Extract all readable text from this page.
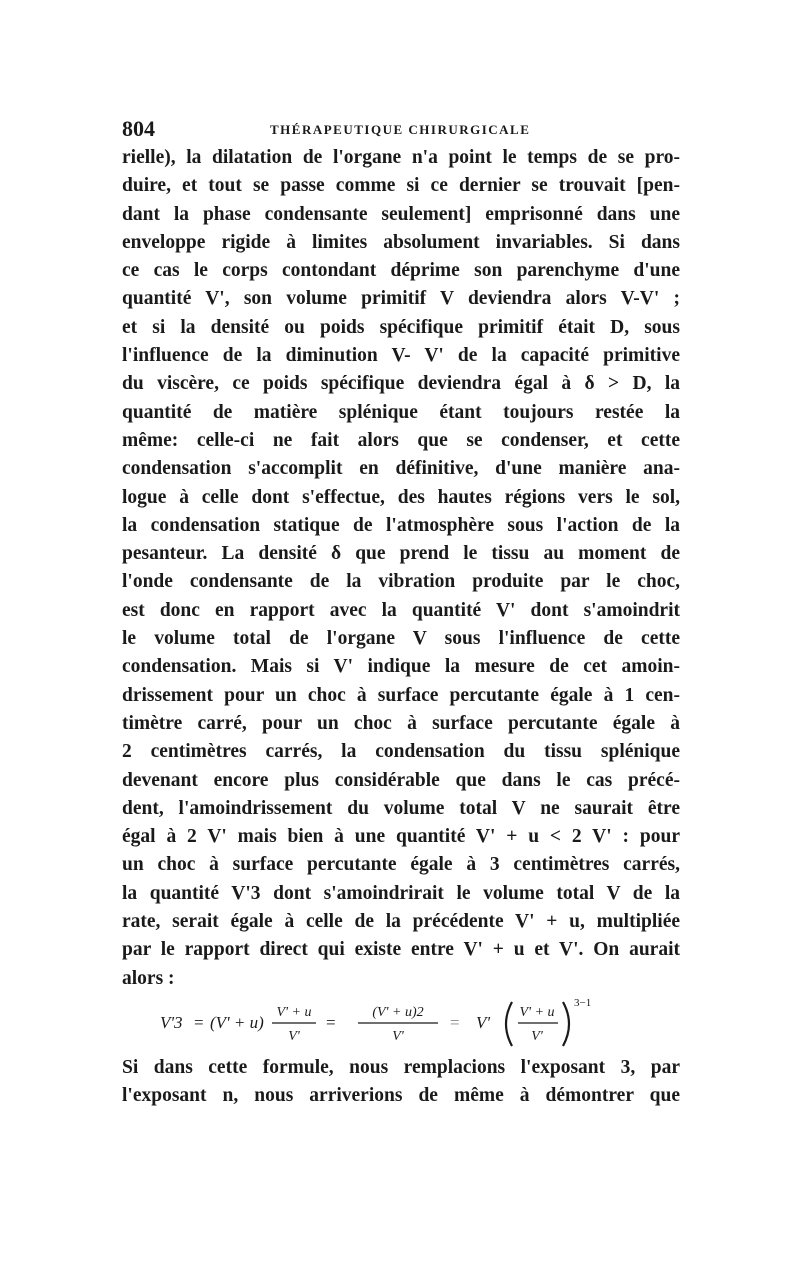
804	THÉRAPEUTIQUE CHIRURGICALE
rielle), la dilatation de l'organe n'a point le temps de se pro-
duire, et tout se passe comme si ce dernier se trouvait [pen-
dant la phase condensante seulement] emprisonné dans une
enveloppe rigide à limites absolument invariables. Si dans
ce cas le corps contondant déprime son parenchyme d'une
quantité V', son volume primitif V deviendra alors V-V' ;
et si la densité ou poids spécifique primitif était D, sous
l'influence de la diminution V- V' de la capacité primitive
du viscère, ce poids spécifique deviendra égal à δ > D, la
quantité de matière splénique étant toujours restée la
même: celle-ci ne fait alors que se condenser, et cette
condensation s'accomplit en définitive, d'une manière ana-
logue à celle dont s'effectue, des hautes régions vers le sol,
la condensation statique de l'atmosphère sous l'action de la
pesanteur. La densité δ que prend le tissu au moment de
l'onde condensante de la vibration produite par le choc,
est donc en rapport avec la quantité V' dont s'amoindrit
le volume total de l'organe V sous l'influence de cette
condensation. Mais si V' indique la mesure de cet amoin-
drissement pour un choc à surface percutante égale à 1 cen-
timètre carré, pour un choc à surface percutante égale à
2 centimètres carrés, la condensation du tissu splénique
devenant encore plus considérable que dans le cas précé-
dent, l'amoindrissement du volume total V ne saurait être
égal à 2 V' mais bien à une quantité V' + u < 2 V' : pour
un choc à surface percutante égale à 3 centimètres carrés,
la quantité V'3 dont s'amoindrirait le volume total V de la
rate, serait égale à celle de la précédente V' + u, multipliée
par le rapport direct qui existe entre V' + u et V'. On aurait
alors :
V'3 = (V' + u)
V' + u
V'
=
(V' + u)2
V'
= V'
V' + u
V'
3−1
Si dans cette formule, nous remplacions l'exposant 3, par
l'exposant n, nous arriverions de même à démontrer que
